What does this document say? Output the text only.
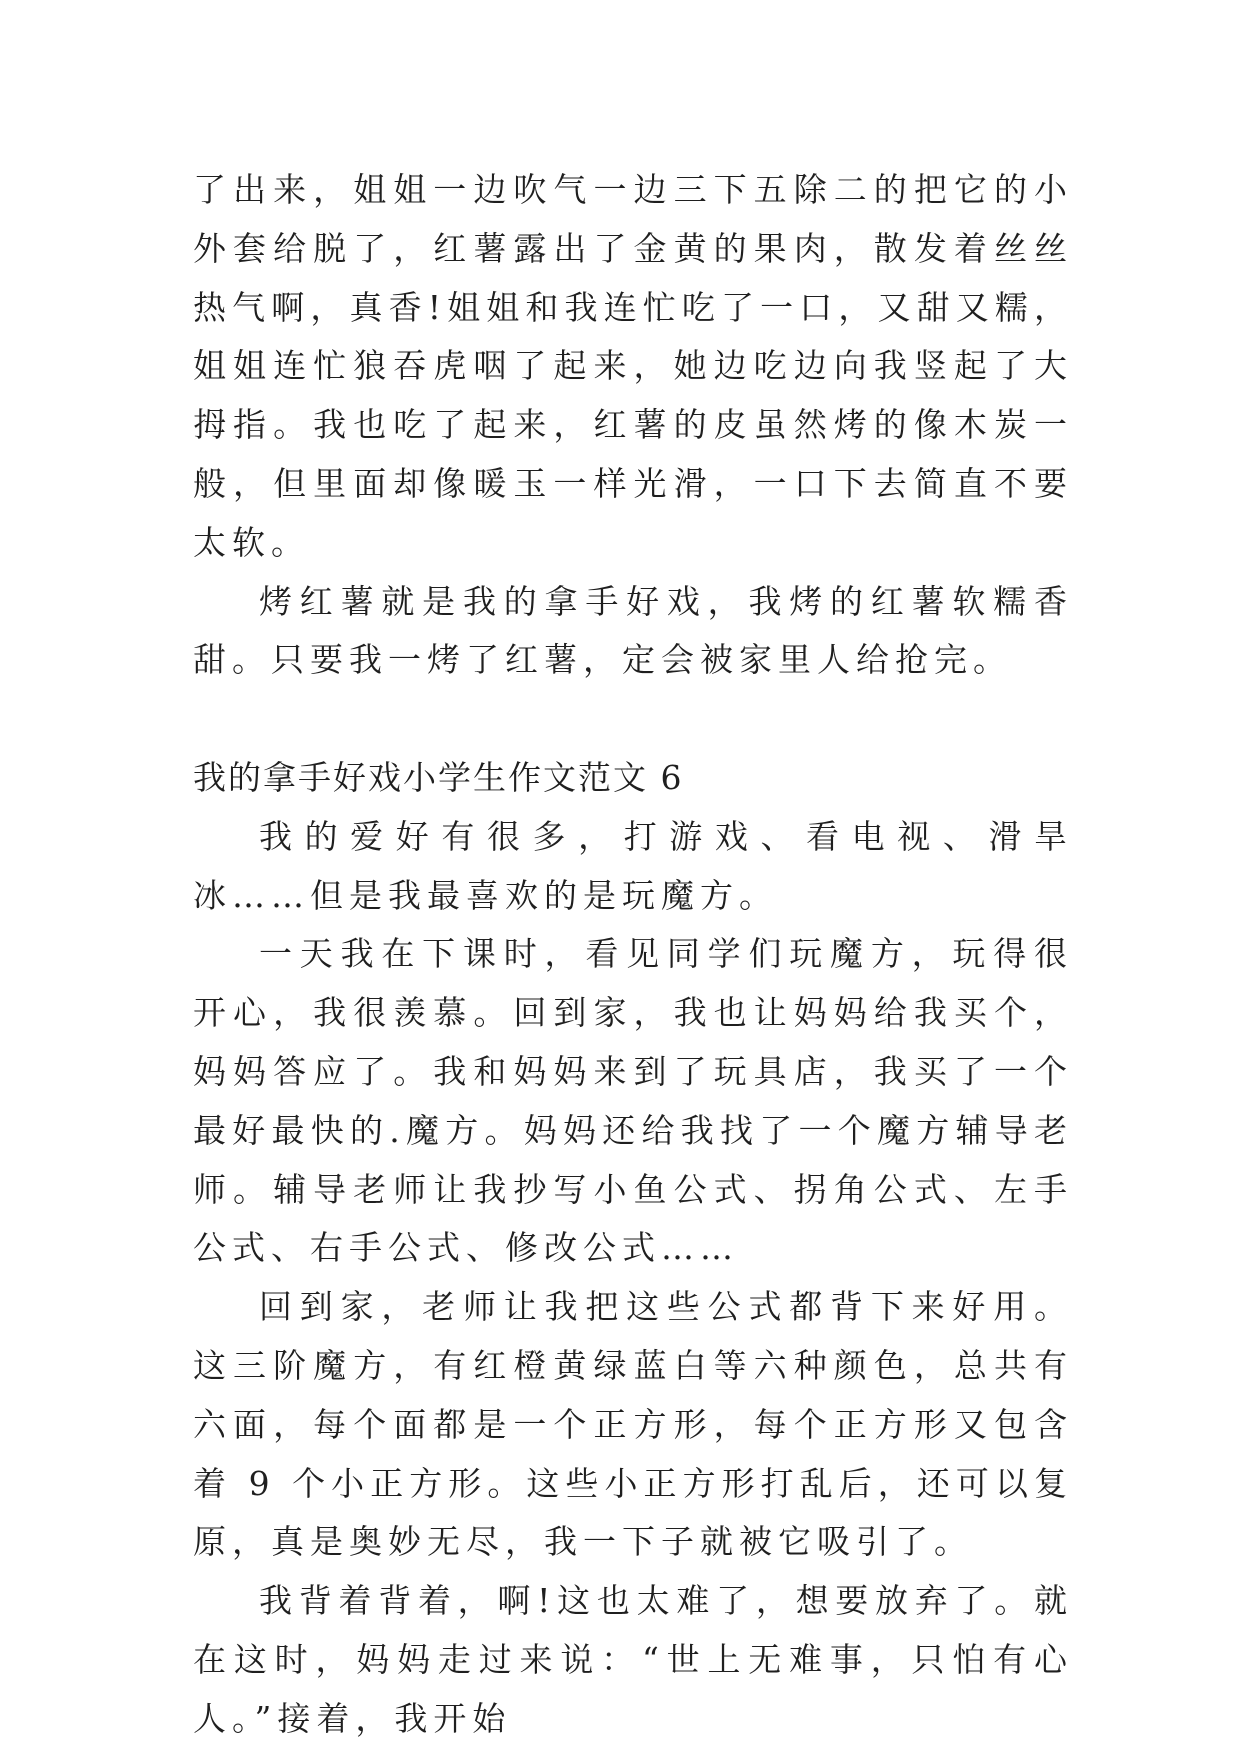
了出来，姐姐一边吹气一边三下五除二的把它的小外套给脱了，红薯露出了金黄的果肉，散发着丝丝热气啊，真香!姐姐和我连忙吃了一口，又甜又糯，姐姐连忙狼吞虎咽了起来，她边吃边向我竖起了大拇指。我也吃了起来，红薯的皮虽然烤的像木炭一般，但里面却像暖玉一样光滑，一口下去简直不要太软。

烤红薯就是我的拿手好戏，我烤的红薯软糯香甜。只要我一烤了红薯，定会被家里人给抢完。

我的拿手好戏小学生作文范文 6

我的爱好有很多，打游戏、看电视、滑旱冰……但是我最喜欢的是玩魔方。

一天我在下课时，看见同学们玩魔方，玩得很开心，我很羡慕。回到家，我也让妈妈给我买个，妈妈答应了。我和妈妈来到了玩具店，我买了一个最好最快的.魔方。妈妈还给我找了一个魔方辅导老师。辅导老师让我抄写小鱼公式、拐角公式、左手公式、右手公式、修改公式……

回到家，老师让我把这些公式都背下来好用。这三阶魔方，有红橙黄绿蓝白等六种颜色，总共有六面，每个面都是一个正方形，每个正方形又包含着 9 个小正方形。这些小正方形打乱后，还可以复原，真是奥妙无尽，我一下子就被它吸引了。

我背着背着，啊!这也太难了，想要放弃了。就在这时，妈妈走过来说：“世上无难事，只怕有心人。”接着，我开始
